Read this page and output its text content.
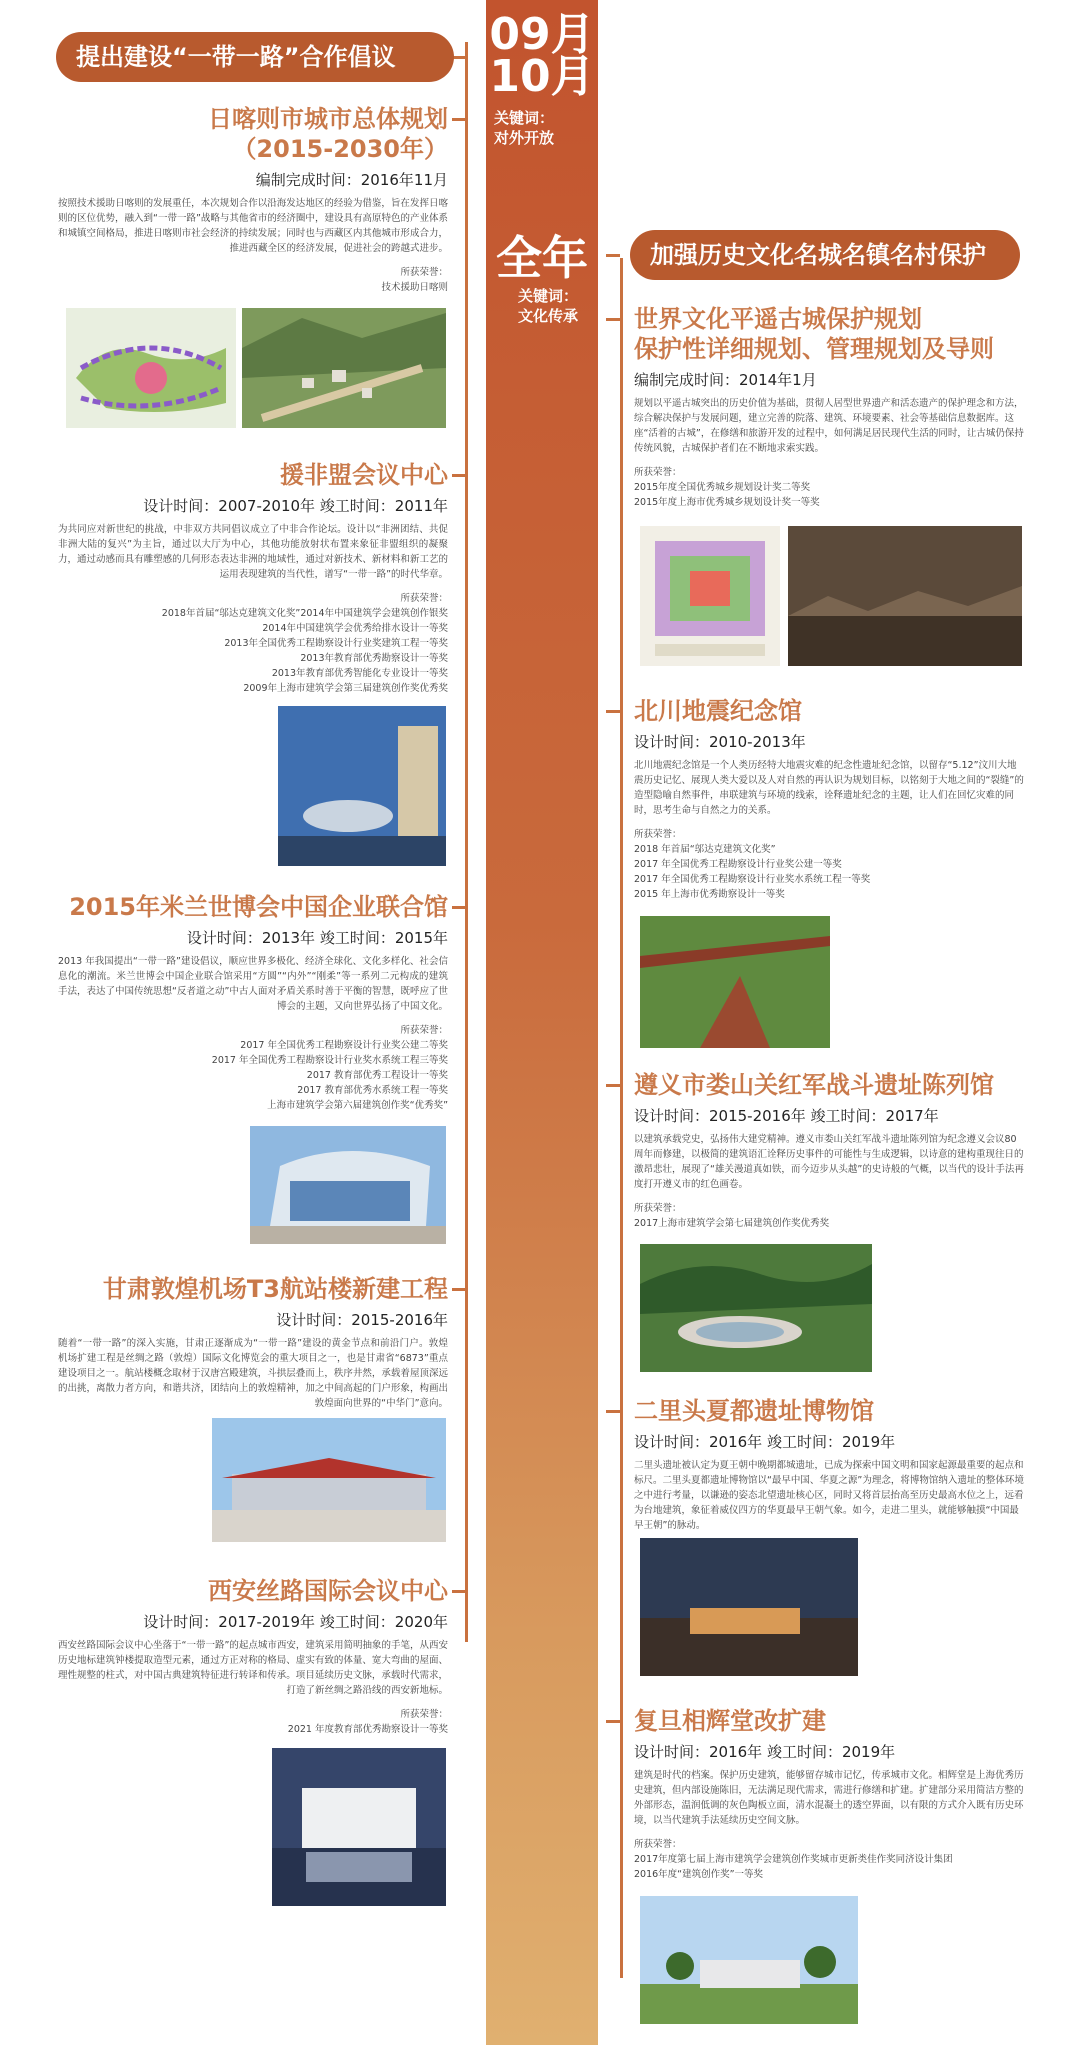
09月
10月
关键词：
对外开放
全年
关键词：
文化传承
提出建设“一带一路”合作倡议
加强历史文化名城名镇名村保护
日喀则市城市总体规划
（2015-2030年）
编制完成时间：2016年11月
按照技术援助日喀则的发展重任，本次规划合作以沿海发达地区的经验为借鉴，旨在发挥日喀则的区位优势，融入到“一带一路”战略与其他省市的经济圈中，建设具有高原特色的产业体系和城镇空间格局，推进日喀则市社会经济的持续发展；同时也与西藏区内其他城市形成合力，推进西藏全区的经济发展，促进社会的跨越式进步。
所获荣誉：
技术援助日喀则
援非盟会议中心
设计时间：2007-2010年 竣工时间：2011年
为共同应对新世纪的挑战，中非双方共同倡议成立了中非合作论坛。设计以“非洲团结、共促非洲大陆的复兴”为主旨，通过以大厅为中心，其他功能放射状布置来象征非盟组织的凝聚力，通过动感而具有雕塑感的几何形态表达非洲的地域性，通过对新技术、新材料和新工艺的运用表现建筑的当代性，谱写“一带一路”的时代华章。
所获荣誉：
2018年首届“邬达克建筑文化奖”2014年中国建筑学会建筑创作银奖
2014年中国建筑学会优秀给排水设计一等奖
2013年全国优秀工程勘察设计行业奖建筑工程一等奖
2013年教育部优秀勘察设计一等奖
2013年教育部优秀智能化专业设计一等奖
2009年上海市建筑学会第三届建筑创作奖优秀奖
2015年米兰世博会中国企业联合馆
设计时间：2013年 竣工时间：2015年
2013 年我国提出“一带一路”建设倡议，顺应世界多极化、经济全球化、文化多样化、社会信息化的潮流。米兰世博会中国企业联合馆采用“方圆”“内外”“刚柔”等一系列二元构成的建筑手法，表达了中国传统思想“反者道之动”中古人面对矛盾关系时善于平衡的智慧，既呼应了世博会的主题，又向世界弘扬了中国文化。
所获荣誉：
2017 年全国优秀工程勘察设计行业奖公建二等奖
2017 年全国优秀工程勘察设计行业奖水系统工程三等奖
2017 教育部优秀工程设计一等奖
2017 教育部优秀水系统工程一等奖
上海市建筑学会第六届建筑创作奖“优秀奖”
甘肃敦煌机场T3航站楼新建工程
设计时间：2015-2016年
随着“一带一路”的深入实施，甘肃正逐渐成为“一带一路”建设的黄金节点和前沿门户。敦煌机场扩建工程是丝绸之路（敦煌）国际文化博览会的重大项目之一，也是甘肃省“6873”重点建设项目之一。航站楼概念取材于汉唐宫殿建筑，斗拱层叠而上，秩序井然，承载着屋顶深远的出挑，离散力者方向，和谐共济，团结向上的敦煌精神，加之中间高起的门户形象，构画出敦煌面向世界的“中华门”意向。
西安丝路国际会议中心
设计时间：2017-2019年 竣工时间：2020年
西安丝路国际会议中心坐落于“一带一路”的起点城市西安，建筑采用简明抽象的手笔，从西安历史地标建筑钟楼提取造型元素，通过方正对称的格局、虚实有致的体量、宽大弯曲的屋面、理性规整的柱式，对中国古典建筑特征进行转译和传承。项目延续历史文脉，承载时代需求，打造了新丝绸之路沿线的西安新地标。
所获荣誉：
2021 年度教育部优秀勘察设计一等奖
世界文化平遥古城保护规划
保护性详细规划、管理规划及导则
编制完成时间：2014年1月
规划以平遥古城突出的历史价值为基础，贯彻人居型世界遗产和活态遗产的保护理念和方法，综合解决保护与发展问题，建立完善的院落、建筑、环境要素、社会等基础信息数据库。这座“活着的古城”，在修缮和旅游开发的过程中，如何满足居民现代生活的同时，让古城仍保持传统风貌，古城保护者们在不断地求索实践。
所获荣誉：
2015年度全国优秀城乡规划设计奖二等奖
2015年度上海市优秀城乡规划设计奖一等奖
北川地震纪念馆
设计时间：2010-2013年
北川地震纪念馆是一个人类历经特大地震灾难的纪念性遗址纪念馆，以留存“5.12”汶川大地震历史记忆、展现人类大爱以及人对自然的再认识为规划目标，以铭刻于大地之间的“裂缝”的造型隐喻自然事件，串联建筑与环境的线索，诠释遗址纪念的主题，让人们在回忆灾难的同时，思考生命与自然之力的关系。
所获荣誉：
2018 年首届“邬达克建筑文化奖”
2017 年全国优秀工程勘察设计行业奖公建一等奖
2017 年全国优秀工程勘察设计行业奖水系统工程一等奖
2015 年上海市优秀勘察设计一等奖
遵义市娄山关红军战斗遗址陈列馆
设计时间：2015-2016年 竣工时间：2017年
以建筑承载党史，弘扬伟大建党精神。遵义市娄山关红军战斗遗址陈列馆为纪念遵义会议80周年而修建，以极简的建筑语汇诠释历史事件的可能性与生成逻辑，以诗意的建构重现往日的激昂悲壮，展现了“雄关漫道真如铁，而今迈步从头越”的史诗般的气概，以当代的设计手法再度打开遵义市的红色画卷。
所获荣誉：
2017上海市建筑学会第七届建筑创作奖优秀奖
二里头夏都遗址博物馆
设计时间：2016年 竣工时间：2019年
二里头遗址被认定为夏王朝中晚期都城遗址，已成为探索中国文明和国家起源最重要的起点和标尺。二里头夏都遗址博物馆以“最早中国、华夏之源”为理念，将博物馆纳入遗址的整体环境之中进行考量，以谦逊的姿态北望遗址核心区，同时又将首层抬高至历史最高水位之上，远看为台地建筑，象征着威仪四方的华夏最早王朝气象。如今，走进二里头，就能够触摸“中国最早王朝”的脉动。
复旦相辉堂改扩建
设计时间：2016年 竣工时间：2019年
建筑是时代的档案。保护历史建筑，能够留存城市记忆，传承城市文化。相辉堂是上海优秀历史建筑，但内部设施陈旧，无法满足现代需求，需进行修缮和扩建。扩建部分采用简洁方整的外部形态，温润低调的灰色陶板立面，清水混凝土的透空界面，以有限的方式介入既有历史环境，以当代建筑手法延续历史空间文脉。
所获荣誉：
2017年度第七届上海市建筑学会建筑创作奖城市更新类佳作奖同济设计集团
2016年度“建筑创作奖”一等奖
